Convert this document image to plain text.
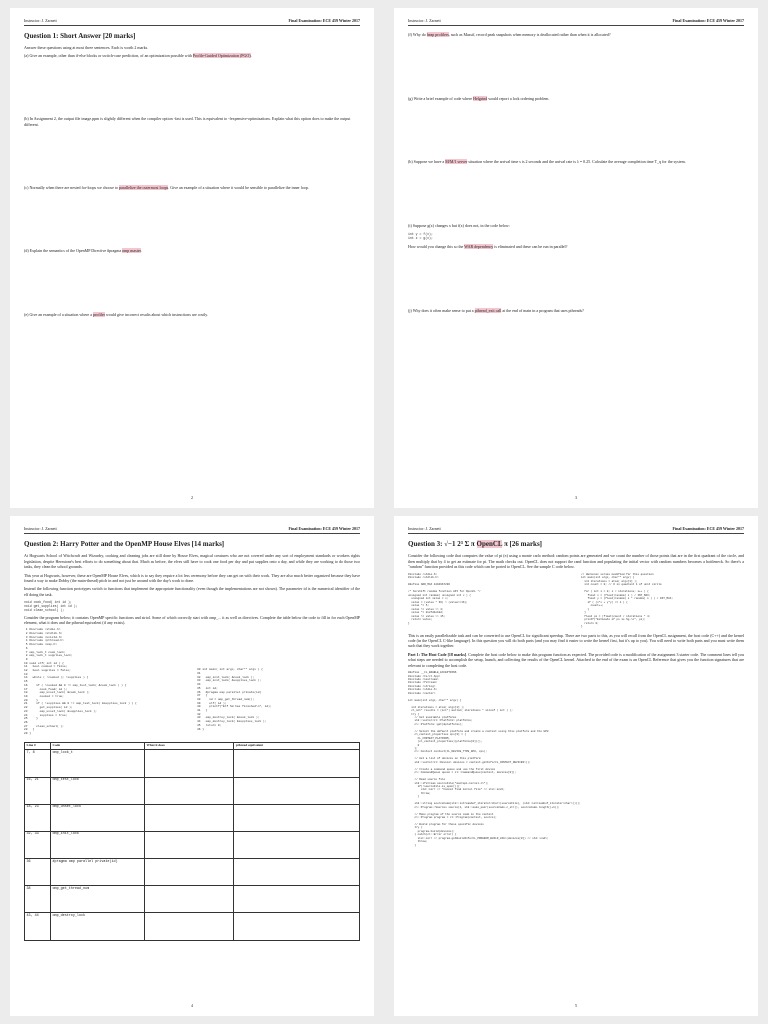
Instructor: J. Zarnett	Final Examination: ECE 459 Winter 2017
Question 1: Short Answer [20 marks]

Answer these questions using at most three sentences. Each is worth 2 marks.

(a) Give an example, other than if-else blocks or switch-case prediction, of an optimization possible with Profile-Guided Optimization (PGO).

(b) In Assignment 2, the output file image.ppm is slightly different when the compiler option -fast is used. This is equivalent to -fexpensive-optimizations. Explain what this option does to make the output different.

(c) Normally when there are nested for-loops we choose to parallelize the outermost loops. Give an example of a situation where it would be sensible to parallelize the inner loop.

(d) Explain the semantics of the OpenMP Directive #pragma omp master.

(e) Give an example of a situation where a profiler would give incorrect results about which instructions are costly.

2
Instructor: J. Zarnett	Final Examination: ECE 459 Winter 2017

(f) Why do heap profilers, such as Massif, record peak snapshots when memory is deallocated rather than when it is allocated?

(g) Write a brief example of code where Helgrind would report a lock ordering problem.

(h) Suppose we have a M/M/1 server situation where the arrival time s is 2 seconds and the arrival rate is λ = 0.25. Calculate the average completion time T_q for the system.

(i) Suppose g(x) changes x but f(x) does not, in the code below:

int y = f(x);
int z = g(x);

How would you change this so the WAR dependency is eliminated and these can be run in parallel?

(j) Why does it often make sense to put a pthread_exit call at the end of main in a program that uses pthreads?

3
Instructor: J. Zarnett	Final Examination: ECE 459 Winter 2017
Question 2: Harry Potter and the OpenMP House Elves [14 marks]

At Hogwarts School of Witchcraft and Wizardry, cooking and cleaning jobs are still done by House Elves, magical creatures who are not covered under any sort of employment standards or workers rights legislation, despite Hermione's best efforts to do something about that. Much as before, the elves still have to cook one food per day and put supplies onto a day, and while they are working to do those two tasks, they clean the school grounds.

This year at Hogwarts, however, these are OpenMP House Elves, which is to say they require a lot less ceremony before they can get on with their work. They are also much better organized because they have found a way to make Dobby (the main-thread) pitch in and not just be around with the day's work to done.

Instead the following function prototypes switch to functions that implement the appropriate functionality (even though the implementations are not shown). The parameter id is the numerical identifier of the elf doing the task.

void cook_food( int id );
void get_supplies( int id );
void clean_school( );

Consider the program below; it contains OpenMP specific functions and strtol. Some of which correctly start with omp_... it as well as directives. Complete the table below the code to fill in for each OpenMP element, what it does and the pthread equivalent (if any exists).

1 #include <stdio.h>
2 #include <stdlib.h>
3 #include <unistd.h>
4 #include <pthread.h>
5 #include <omp.h>
6
7 omp_lock_t cook_lock;
8 omp_lock_t supplies_lock;
9
10 void elf( int id ) {
11   bool cooked = false;
12   bool supplies = false;
13
14   while ( !cooked || !supplies ) {
15
16     if ( !cooked && 0 != omp_test_lock( &cook_lock ) ) {
17       cook_food( id );
18       omp_unset_lock( &cook_lock );
19       cooked = true;
20     }
21     if ( !supplies && 0 != omp_test_lock( &supplies_lock ) ) {
22       get_supplies( id );
23       omp_unset_lock( &supplies_lock );
24       supplies = true;
25     }
26
27     clean_school( );
28   }
29 }
30 int main( int argc, char** argv ) {
31
32   omp_init_lock( &cook_lock );
33   omp_init_lock( &supplies_lock );
34
35   int id;
36   #pragma omp parallel private(id)
37   {
38     id = omp_get_thread_num();
39     elf( id );
40     printf("Elf %d has finished\n", id);
41   }
42
43   omp_destroy_lock( &cook_lock );
44   omp_destroy_lock( &supplies_lock );
45   return 0;
46 }
Line #	Code	What it does	pthread equivalent
7, 8	omp_lock_t		
16, 21	omp_test_lock		
18, 23	omp_unset_lock		
32, 33	omp_init_lock		
36	#pragma omp parallel private(id)		
38	omp_get_thread_num		
43, 44	omp_destroy_lock		
4
Instructor: J. Zarnett	Final Examination: ECE 459 Winter 2017
Question 3: √−1 2³ Σ π OpenCL π [26 marks]

Consider the following code that computes the value of pi (π) using a monte carlo method: random points are generated and we count the number of those points that are in the first quadrant of the circle, and then multiply that by 4 to get an estimate for pi. The math checks out. OpenCL does not support the rand function and populating the initial vector with random numbers becomes a bottleneck. So there's a "random" function provided as this code which can be ported to OpenCL. See the sample C code below.

#include <stdio.h>
#include <stdlib.h>

#define ARR_MAX 4294967296

/* Xorshift random function API for OpenCL */
unsigned int random( unsigned int x ) {
unsigned int value = x;
value = (value * 36) ^ (value>>16);
value *= 5;
value ^= value >> 4;
value *= 0x27d4eb2d;
value ^= value >> 15;
return value;
}
// Harmonic series modified for this question
int main(int argc, char** argv) {
int iterations = atoi( argv[1] );
int count = 0; // # in quadrant 1 of unit circle

for ( int i = 0; i < iterations; i++ ) {
float x = (float)random( i ) / INT_MAX;
float y = (float)random( i * random( i ) ) / INT_MAX;
if ( (x*x + y*y) <= 1 ) {
count++;
}
}
float pi = (float)count / iterations * 4;
printf("Estimate of pi is %g.\n", pi);
return 0;
}

This is an easily parallelizable task and can be converted to use OpenCL for significant speedup. There are two parts to this, as you will recall from the OpenCL assignment, the host code (C++) and the kernel code (in the OpenCL C-like language). In this question you will do both parts (and you may find it easier to write the kernel first, but it's up to you). You will need to write both parts and you must write them such that they work together.

Part 1: The Host Code [18 marks]. Complete the host code below to make this program function as expected. The provided code is a modification of the assignment 3 starter code. The comment lines tell you what steps are needed to accomplish the setup, launch, and collecting the results of the OpenCL kernel. Attached to the end of the exam is an OpenCL Reference that gives you the function signatures that are relevant to completing the host code.

#define __CL_ENABLE_EXCEPTIONS
#include <CL/cl.hpp>
#include <iostream>
#include <fstream>
#include <string>
#include <stdio.h>
#include <vector>

int main(int argc, char** argv) {

int iterations = atoi( argv[1] );
cl_int* results = (int*) malloc( iterations * sizeof ( int ) );
try {
// Get available platforms
std::vector<cl::Platform> platforms;
cl::Platform::get(&platforms);

// Select the default platform and create a context using this platform and the GPU
cl_context_properties cps[3] = {
CL_CONTEXT_PLATFORM,
(cl_context_properties)(platforms[0])(),
0
};
cl::Context context(CL_DEVICE_TYPE_GPU, cps);

// Get a list of devices on this platform
std::vector<cl::Device> devices = context.getInfo<CL_CONTEXT_DEVICES>();

// Create a command queue and use the first device
cl::CommandQueue queue = cl::CommandQueue(context, devices[0]);

// Read source file
std::ifstream sourceFile("montepi-kernel.cl");
if(!sourceFile.is_open()){
std::cerr << "Cannot find kernel file" << std::endl;
throw;
}

std::string sourceCode(std::istreambuf_iterator<char>(sourceFile), (std::istreambuf_iterator<char>()));
cl::Program::Sources source(1, std::make_pair(sourceCode.c_str(), sourceCode.length()+1));

// Make program of the source code in the context
cl::Program program = cl::Program(context, source);

// Build program for these specific devices
try {
program.build(devices);
} catch(cl::Error error) {
std::cerr << program.getBuildInfo<CL_PROGRAM_BUILD_LOG>(devices[0]) << std::endl;
throw;
}
5
